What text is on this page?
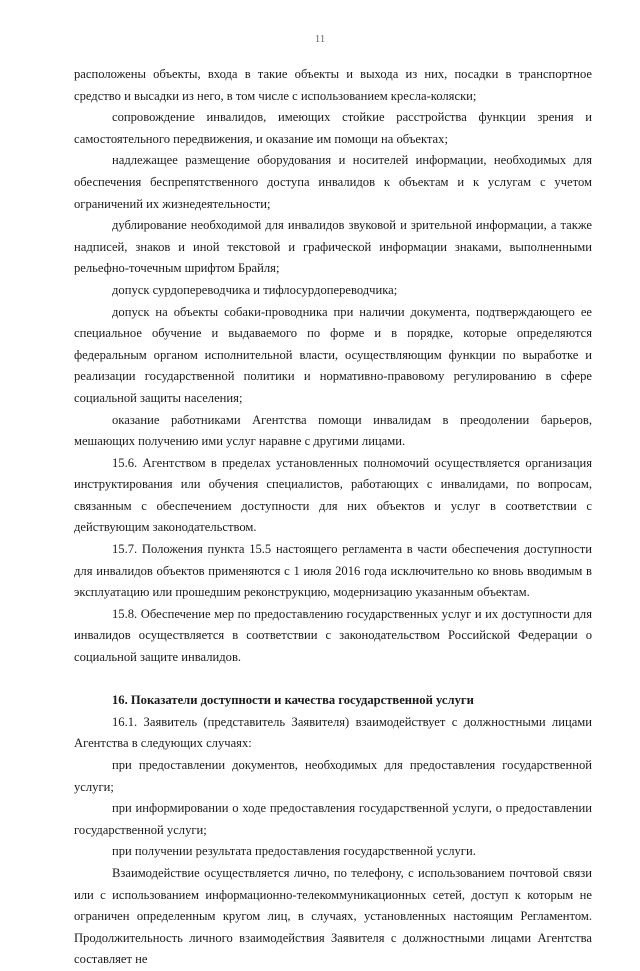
11

расположены объекты, входа в такие объекты и выхода из них, посадки в транспортное средство и высадки из него, в том числе с использованием кресла-коляски;

сопровождение инвалидов, имеющих стойкие расстройства функции зрения и самостоятельного передвижения, и оказание им помощи на объектах;

надлежащее размещение оборудования и носителей информации, необходимых для обеспечения беспрепятственного доступа инвалидов к объектам и к услугам с учетом ограничений их жизнедеятельности;

дублирование необходимой для инвалидов звуковой и зрительной информации, а также надписей, знаков и иной текстовой и графической информации знаками, выполненными рельефно-точечным шрифтом Брайля;

допуск сурдопереводчика и тифлосурдопереводчика;

допуск на объекты собаки-проводника при наличии документа, подтверждающего ее специальное обучение и выдаваемого по форме и в порядке, которые определяются федеральным органом исполнительной власти, осуществляющим функции по выработке и реализации государственной политики и нормативно-правовому регулированию в сфере социальной защиты населения;

оказание работниками Агентства помощи инвалидам в преодолении барьеров, мешающих получению ими услуг наравне с другими лицами.

15.6. Агентством в пределах установленных полномочий осуществляется организация инструктирования или обучения специалистов, работающих с инвалидами, по вопросам, связанным с обеспечением доступности для них объектов и услуг в соответствии с действующим законодательством.

15.7. Положения пункта 15.5 настоящего регламента в части обеспечения доступности для инвалидов объектов применяются с 1 июля 2016 года исключительно ко вновь вводимым в эксплуатацию или прошедшим реконструкцию, модернизацию указанным объектам.

15.8. Обеспечение мер по предоставлению государственных услуг и их доступности для инвалидов осуществляется в соответствии с законодательством Российской Федерации о социальной защите инвалидов.

16. Показатели доступности и качества государственной услуги

16.1. Заявитель (представитель Заявителя) взаимодействует с должностными лицами Агентства в следующих случаях:

при предоставлении документов, необходимых для предоставления государственной услуги;

при информировании о ходе предоставления государственной услуги, о предоставлении государственной услуги;

при получении результата предоставления государственной услуги.

Взаимодействие осуществляется лично, по телефону, с использованием почтовой связи или с использованием информационно-телекоммуникационных сетей, доступ к которым не ограничен определенным кругом лиц, в случаях, установленных настоящим Регламентом. Продолжительность личного взаимодействия Заявителя с должностными лицами Агентства составляет не
